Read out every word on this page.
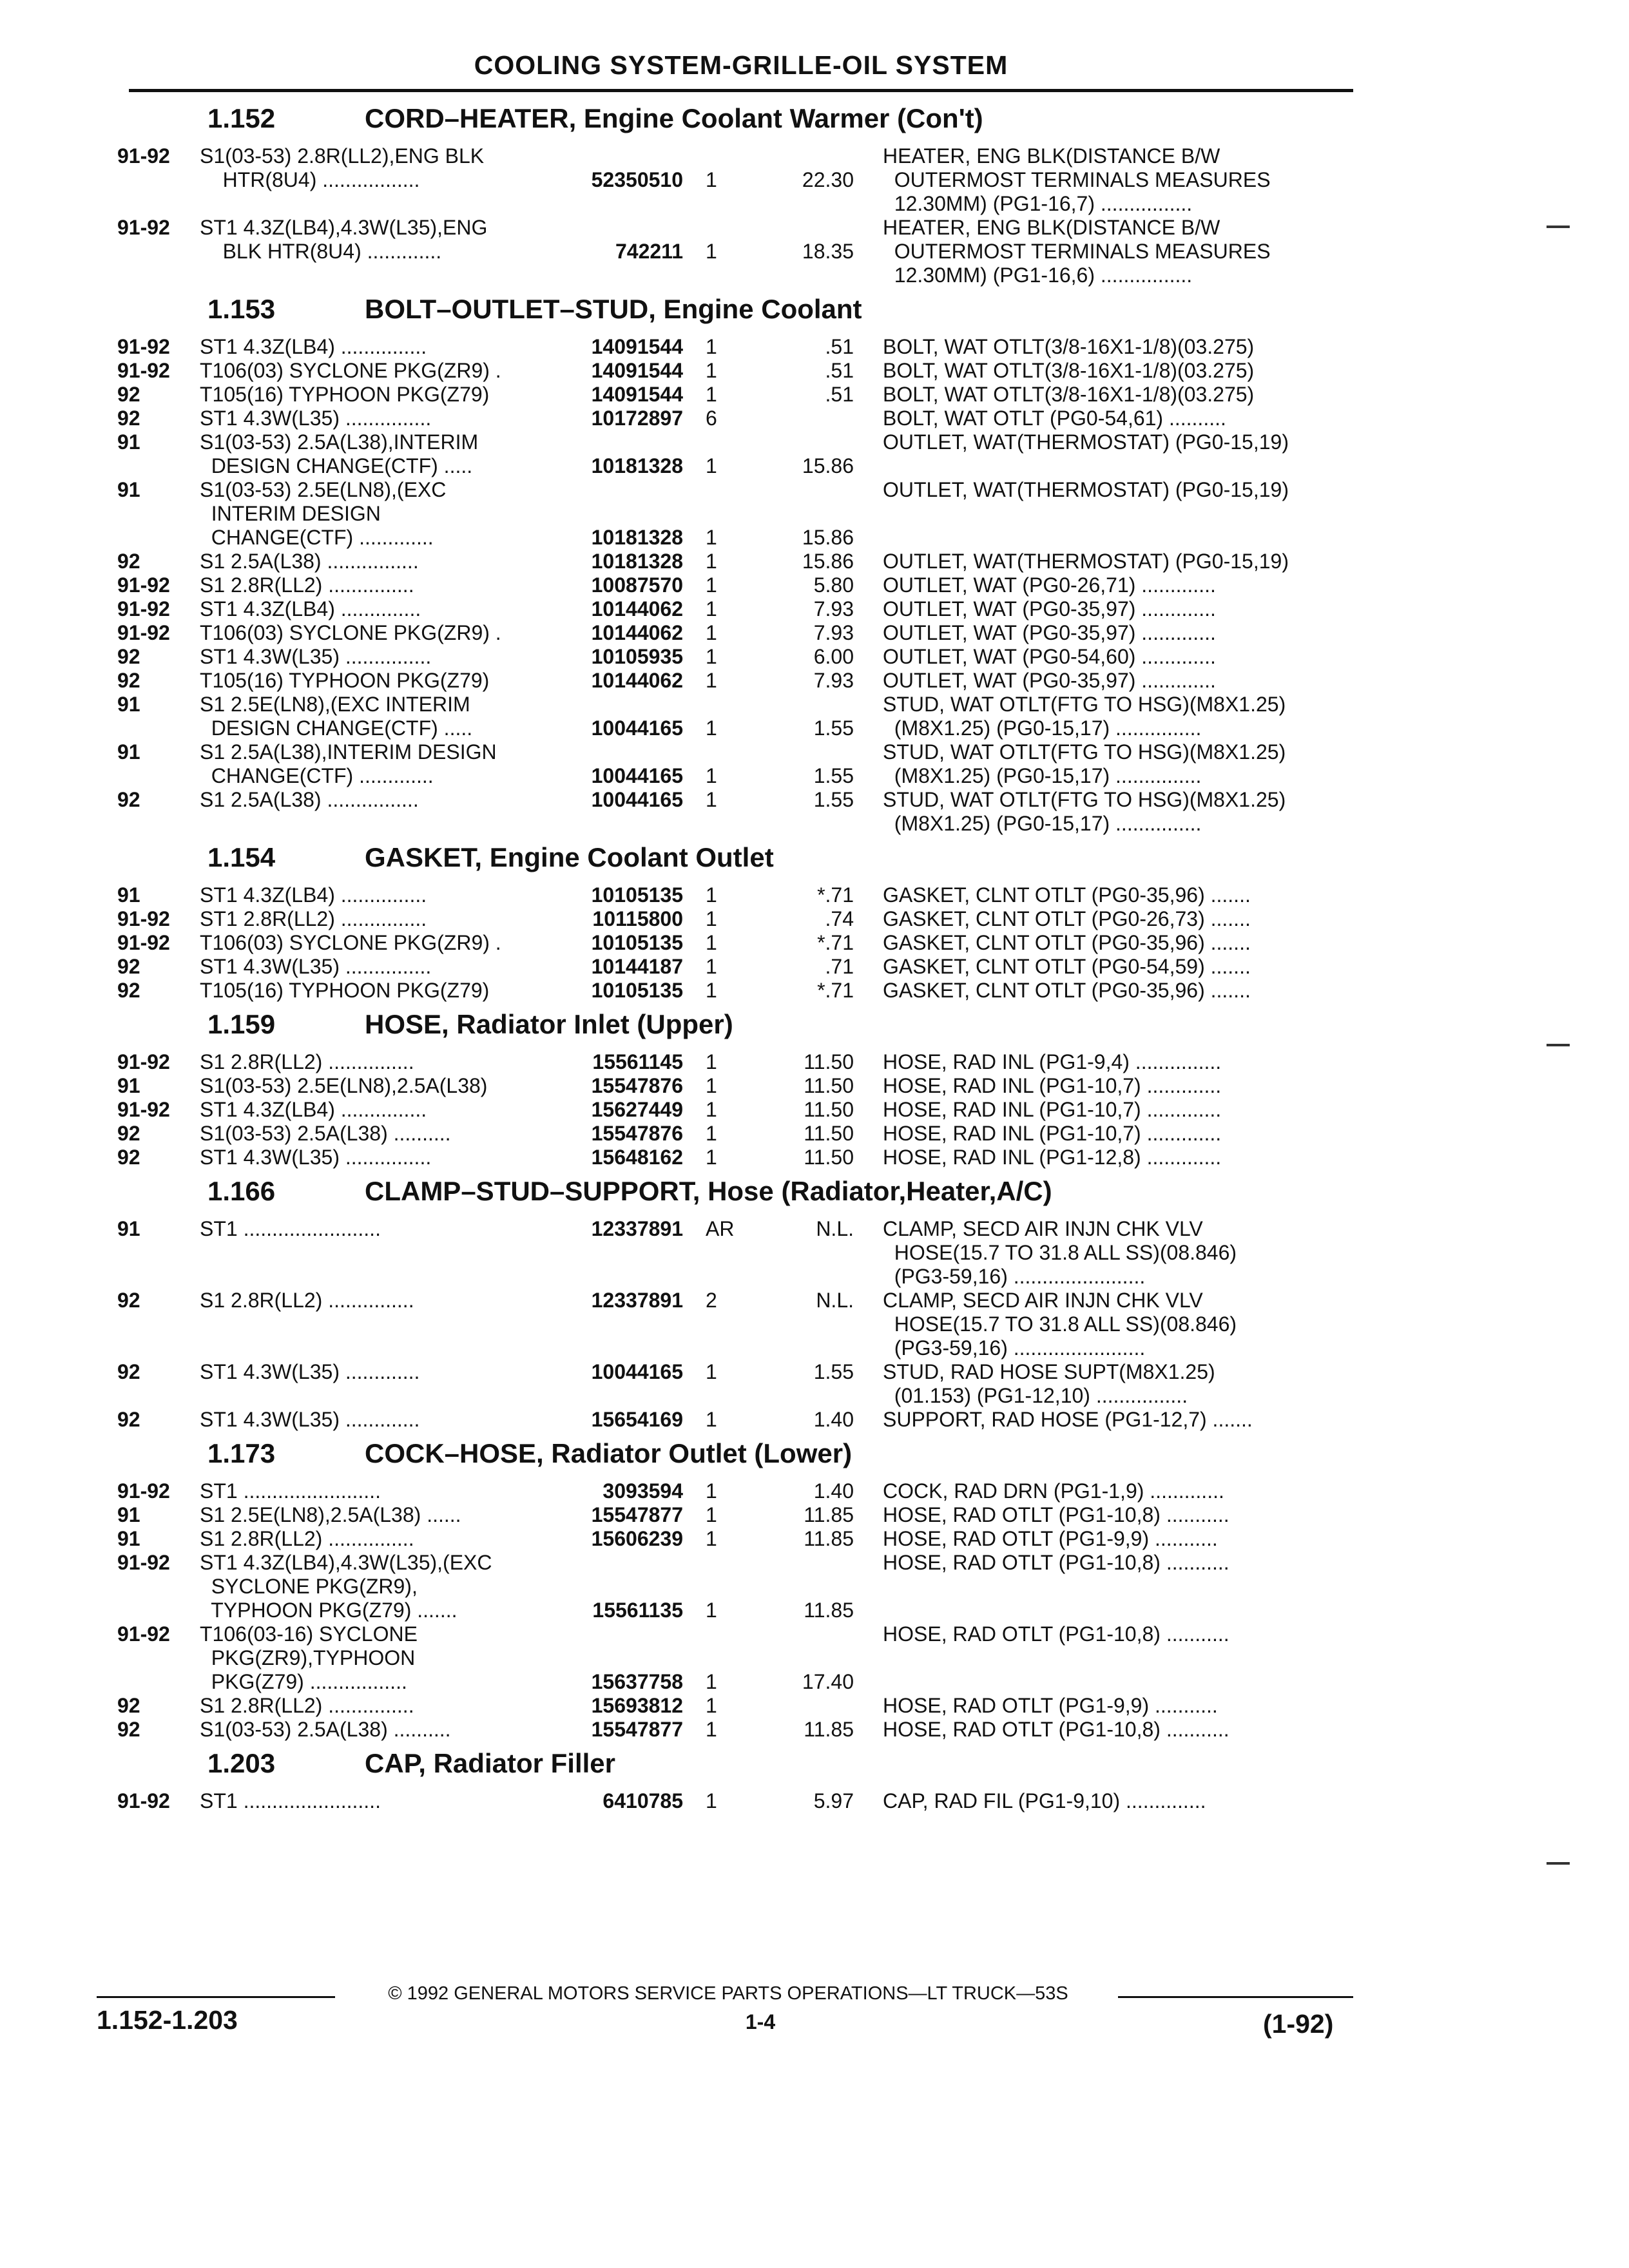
COOLING SYSTEM-GRILLE-OIL SYSTEM
1.152	CORD–HEATER, Engine Coolant Warmer (Con't)
91-92 S1(03-53) 2.8R(LL2),ENG BLK	HEATER, ENG BLK(DISTANCE B/W
HTR(8U4) .................	52350510 1	22.30 OUTERMOST TERMINALS MEASURES
12.30MM) (PG1-16,7) ................
91-92 ST1 4.3Z(LB4),4.3W(L35),ENG	HEATER, ENG BLK(DISTANCE B/W
BLK HTR(8U4) .............	742211 1	18.35 OUTERMOST TERMINALS MEASURES
12.30MM) (PG1-16,6) ................
1.153	BOLT–OUTLET–STUD, Engine Coolant
91-92 ST1 4.3Z(LB4) ...............	14091544 1	.51 BOLT, WAT OTLT(3/8-16X1-1/8)(03.275)
91-92 T106(03) SYCLONE PKG(ZR9) .	14091544 1	.51 BOLT, WAT OTLT(3/8-16X1-1/8)(03.275)
92	T105(16) TYPHOON PKG(Z79)	14091544 1	.51 BOLT, WAT OTLT(3/8-16X1-1/8)(03.275)
92	ST1 4.3W(L35) ...............	10172897 6	BOLT, WAT OTLT (PG0-54,61) ..........
91	S1(03-53) 2.5A(L38),INTERIM	OUTLET, WAT(THERMOSTAT) (PG0-15,19)
DESIGN CHANGE(CTF) .....	10181328 1	15.86
91	S1(03-53) 2.5E(LN8),(EXC	OUTLET, WAT(THERMOSTAT) (PG0-15,19)
INTERIM DESIGN
CHANGE(CTF) .............	10181328 1	15.86
92	S1 2.5A(L38) ................	10181328 1	15.86 OUTLET, WAT(THERMOSTAT) (PG0-15,19)
91-92 S1 2.8R(LL2) ...............	10087570 1	5.80 OUTLET, WAT (PG0-26,71) .............
91-92 ST1 4.3Z(LB4) ..............	10144062 1	7.93 OUTLET, WAT (PG0-35,97) .............
91-92 T106(03) SYCLONE PKG(ZR9) .	10144062 1	7.93 OUTLET, WAT (PG0-35,97) .............
92	ST1 4.3W(L35) ...............	10105935 1	6.00 OUTLET, WAT (PG0-54,60) .............
92	T105(16) TYPHOON PKG(Z79)	10144062 1	7.93 OUTLET, WAT (PG0-35,97) .............
91	S1 2.5E(LN8),(EXC INTERIM	STUD, WAT OTLT(FTG TO HSG)(M8X1.25)
DESIGN CHANGE(CTF) .....	10044165 1	1.55 (M8X1.25) (PG0-15,17) ...............
91	S1 2.5A(L38),INTERIM DESIGN	STUD, WAT OTLT(FTG TO HSG)(M8X1.25)
CHANGE(CTF) .............	10044165 1	1.55 (M8X1.25) (PG0-15,17) ...............
92	S1 2.5A(L38) ................	10044165 1	1.55 STUD, WAT OTLT(FTG TO HSG)(M8X1.25)
(M8X1.25) (PG0-15,17) ...............
1.154	GASKET, Engine Coolant Outlet
91	ST1 4.3Z(LB4) ...............	10105135 1	*.71 GASKET, CLNT OTLT (PG0-35,96) .......
91-92 ST1 2.8R(LL2) ...............	10115800 1	.74 GASKET, CLNT OTLT (PG0-26,73) .......
91-92 T106(03) SYCLONE PKG(ZR9) .	10105135 1	*.71 GASKET, CLNT OTLT (PG0-35,96) .......
92	ST1 4.3W(L35) ...............	10144187 1	.71 GASKET, CLNT OTLT (PG0-54,59) .......
92	T105(16) TYPHOON PKG(Z79)	10105135 1	*.71 GASKET, CLNT OTLT (PG0-35,96) .......
1.159	HOSE, Radiator Inlet (Upper)
91-92 S1 2.8R(LL2) ...............	15561145 1	11.50 HOSE, RAD INL (PG1-9,4) ...............
91	S1(03-53) 2.5E(LN8),2.5A(L38)	15547876 1	11.50 HOSE, RAD INL (PG1-10,7) .............
91-92 ST1 4.3Z(LB4) ...............	15627449 1	11.50 HOSE, RAD INL (PG1-10,7) .............
92	S1(03-53) 2.5A(L38) ..........	15547876 1	11.50 HOSE, RAD INL (PG1-10,7) .............
92	ST1 4.3W(L35) ...............	15648162 1	11.50 HOSE, RAD INL (PG1-12,8) .............
1.166	CLAMP–STUD–SUPPORT, Hose (Radiator,Heater,A/C)
91	ST1 ........................	12337891 AR	N.L. CLAMP, SECD AIR INJN CHK VLV
HOSE(15.7 TO 31.8 ALL SS)(08.846)
(PG3-59,16) .......................
92	S1 2.8R(LL2) ...............	12337891 2	N.L. CLAMP, SECD AIR INJN CHK VLV
HOSE(15.7 TO 31.8 ALL SS)(08.846)
(PG3-59,16) .......................
92	ST1 4.3W(L35) .............	10044165 1	1.55 STUD, RAD HOSE SUPT(M8X1.25)
(01.153) (PG1-12,10) ................
92	ST1 4.3W(L35) .............	15654169 1	1.40 SUPPORT, RAD HOSE (PG1-12,7) .......
1.173	COCK–HOSE, Radiator Outlet (Lower)
91-92 ST1 ........................	3093594 1	1.40 COCK, RAD DRN (PG1-1,9) .............
91	S1 2.5E(LN8),2.5A(L38) ......	15547877 1	11.85 HOSE, RAD OTLT (PG1-10,8) ...........
91	S1 2.8R(LL2) ...............	15606239 1	11.85 HOSE, RAD OTLT (PG1-9,9) ...........
91-92 ST1 4.3Z(LB4),4.3W(L35),(EXC	HOSE, RAD OTLT (PG1-10,8) ...........
SYCLONE PKG(ZR9),
TYPHOON PKG(Z79) .......	15561135 1	11.85
91-92 T106(03-16) SYCLONE	HOSE, RAD OTLT (PG1-10,8) ...........
PKG(ZR9),TYPHOON
PKG(Z79) .................	15637758 1	17.40
92	S1 2.8R(LL2) ...............	15693812 1	HOSE, RAD OTLT (PG1-9,9) ...........
92	S1(03-53) 2.5A(L38) ..........	15547877 1	11.85 HOSE, RAD OTLT (PG1-10,8) ...........
1.203	CAP, Radiator Filler
91-92 ST1 ........................	6410785 1	5.97 CAP, RAD FIL (PG1-9,10) ..............
© 1992 GENERAL MOTORS SERVICE PARTS OPERATIONS—LT TRUCK—53S
1.152-1.203	1-4	(1-92)
